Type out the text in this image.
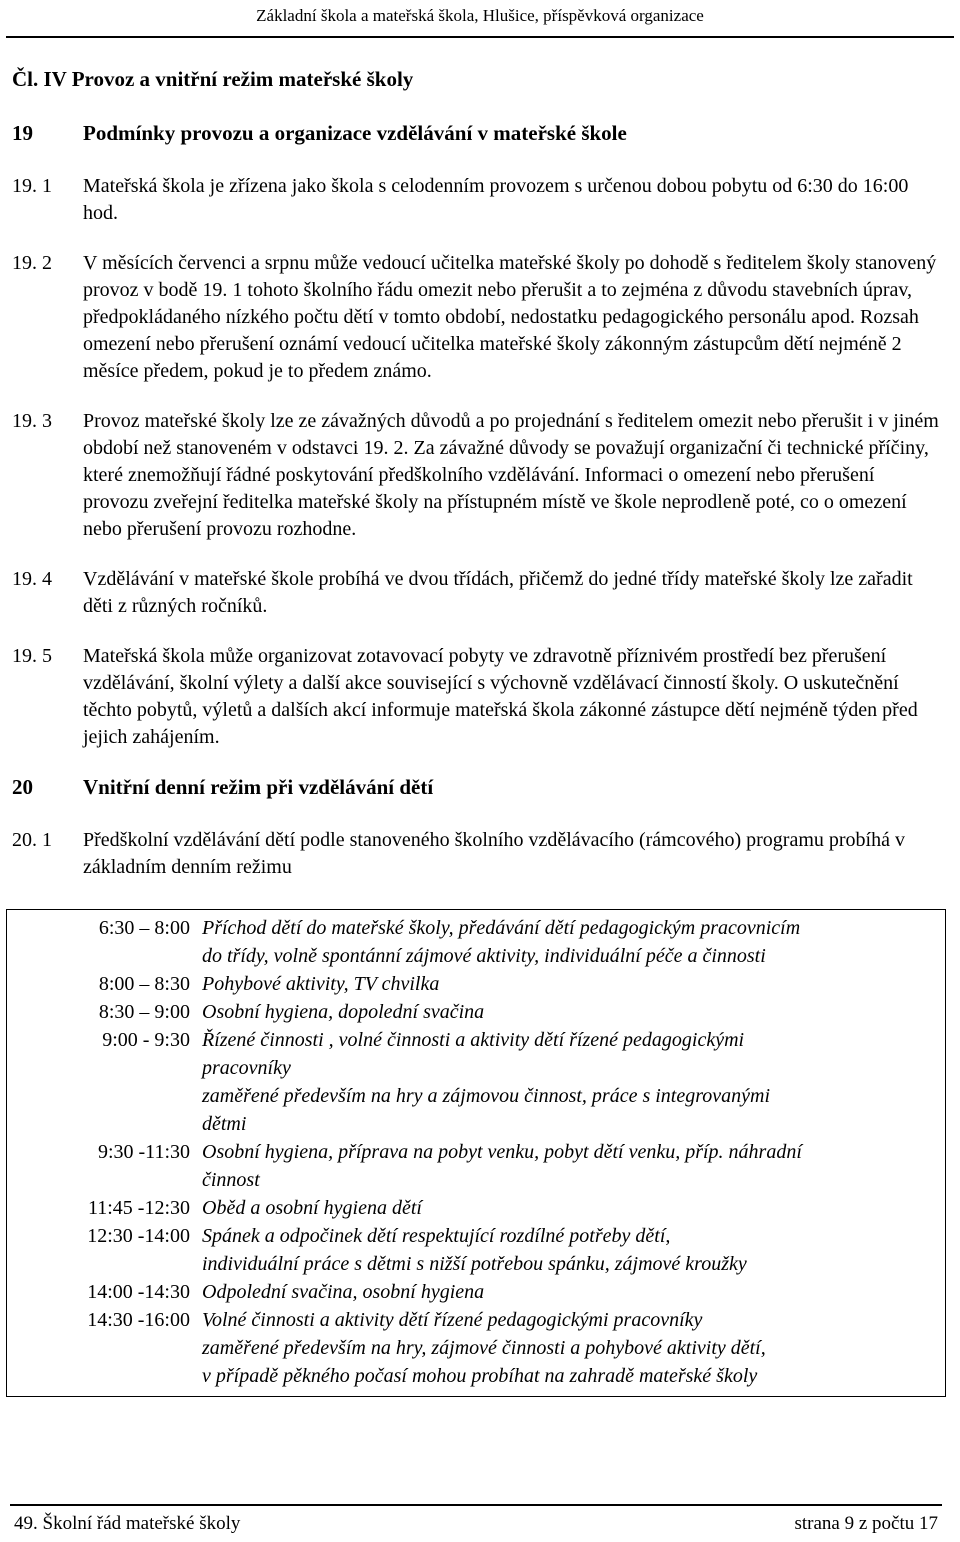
Základní škola a mateřská škola, Hlušice, příspěvková organizace
Čl. IV Provoz a vnitřní režim mateřské školy
19	Podmínky provozu a organizace vzdělávání v mateřské škole
19. 1	Mateřská škola je zřízena jako škola s celodenním provozem s určenou dobou pobytu od 6:30 do 16:00 hod.
19. 2	V měsících červenci a srpnu může vedoucí učitelka mateřské školy po dohodě s ředitelem školy stanovený provoz v bodě 19. 1 tohoto školního řádu omezit nebo přerušit a to zejména z důvodu stavebních úprav, předpokládaného nízkého počtu dětí v tomto období, nedostatku pedagogického personálu apod. Rozsah omezení nebo přerušení oznámí vedoucí učitelka mateřské školy zákonným zástupcům dětí nejméně 2 měsíce předem, pokud je to předem známo.
19. 3	Provoz mateřské školy lze ze závažných důvodů a po projednání s ředitelem omezit nebo přerušit i v jiném období než stanoveném v odstavci 19. 2. Za závažné důvody se považují organizační či technické příčiny, které znemožňují řádné poskytování předškolního vzdělávání. Informaci o omezení nebo přerušení provozu zveřejní ředitelka mateřské školy na přístupném místě ve škole neprodleně poté, co o omezení nebo přerušení provozu rozhodne.
19. 4	Vzdělávání v mateřské škole probíhá ve dvou třídách, přičemž do jedné třídy mateřské školy lze zařadit děti z různých ročníků.
19. 5	Mateřská škola může organizovat zotavovací pobyty ve zdravotně příznivém prostředí bez přerušení vzdělávání, školní výlety a další akce související s výchovně vzdělávací činností školy. O uskutečnění těchto pobytů, výletů a dalších akcí informuje mateřská škola zákonné zástupce dětí nejméně týden před jejich zahájením.
20	Vnitřní denní režim při vzdělávání dětí
20. 1	Předškolní vzdělávání dětí podle stanoveného školního vzdělávacího (rámcového) programu probíhá v základním denním režimu
6:30 – 8:00 Příchod dětí do mateřské školy, předávání dětí pedagogickým pracovnicím
do třídy, volně spontánní zájmové aktivity, individuální péče a činnosti
8:00 – 8:30 Pohybové aktivity, TV chvilka
8:30 – 9:00 Osobní hygiena, dopolední svačina
9:00 - 9:30 Řízené činnosti , volné činnosti a aktivity dětí řízené pedagogickými
pracovníky
zaměřené především na hry a zájmovou činnost, práce s integrovanými
dětmi
9:30 -11:30 Osobní hygiena, příprava na pobyt venku, pobyt dětí venku, příp. náhradní
činnost
11:45 -12:30 Oběd a osobní hygiena dětí
12:30 -14:00 Spánek a odpočinek dětí respektující rozdílné potřeby dětí,
individuální práce s dětmi s nižší potřebou spánku, zájmové kroužky
14:00 -14:30 Odpolední svačina, osobní hygiena
14:30 -16:00 Volné činnosti a aktivity dětí řízené pedagogickými pracovníky
zaměřené především na hry, zájmové činnosti a pohybové aktivity dětí,
v případě pěkného počasí mohou probíhat na zahradě mateřské školy
49. Školní řád mateřské školy	strana 9 z počtu 17
